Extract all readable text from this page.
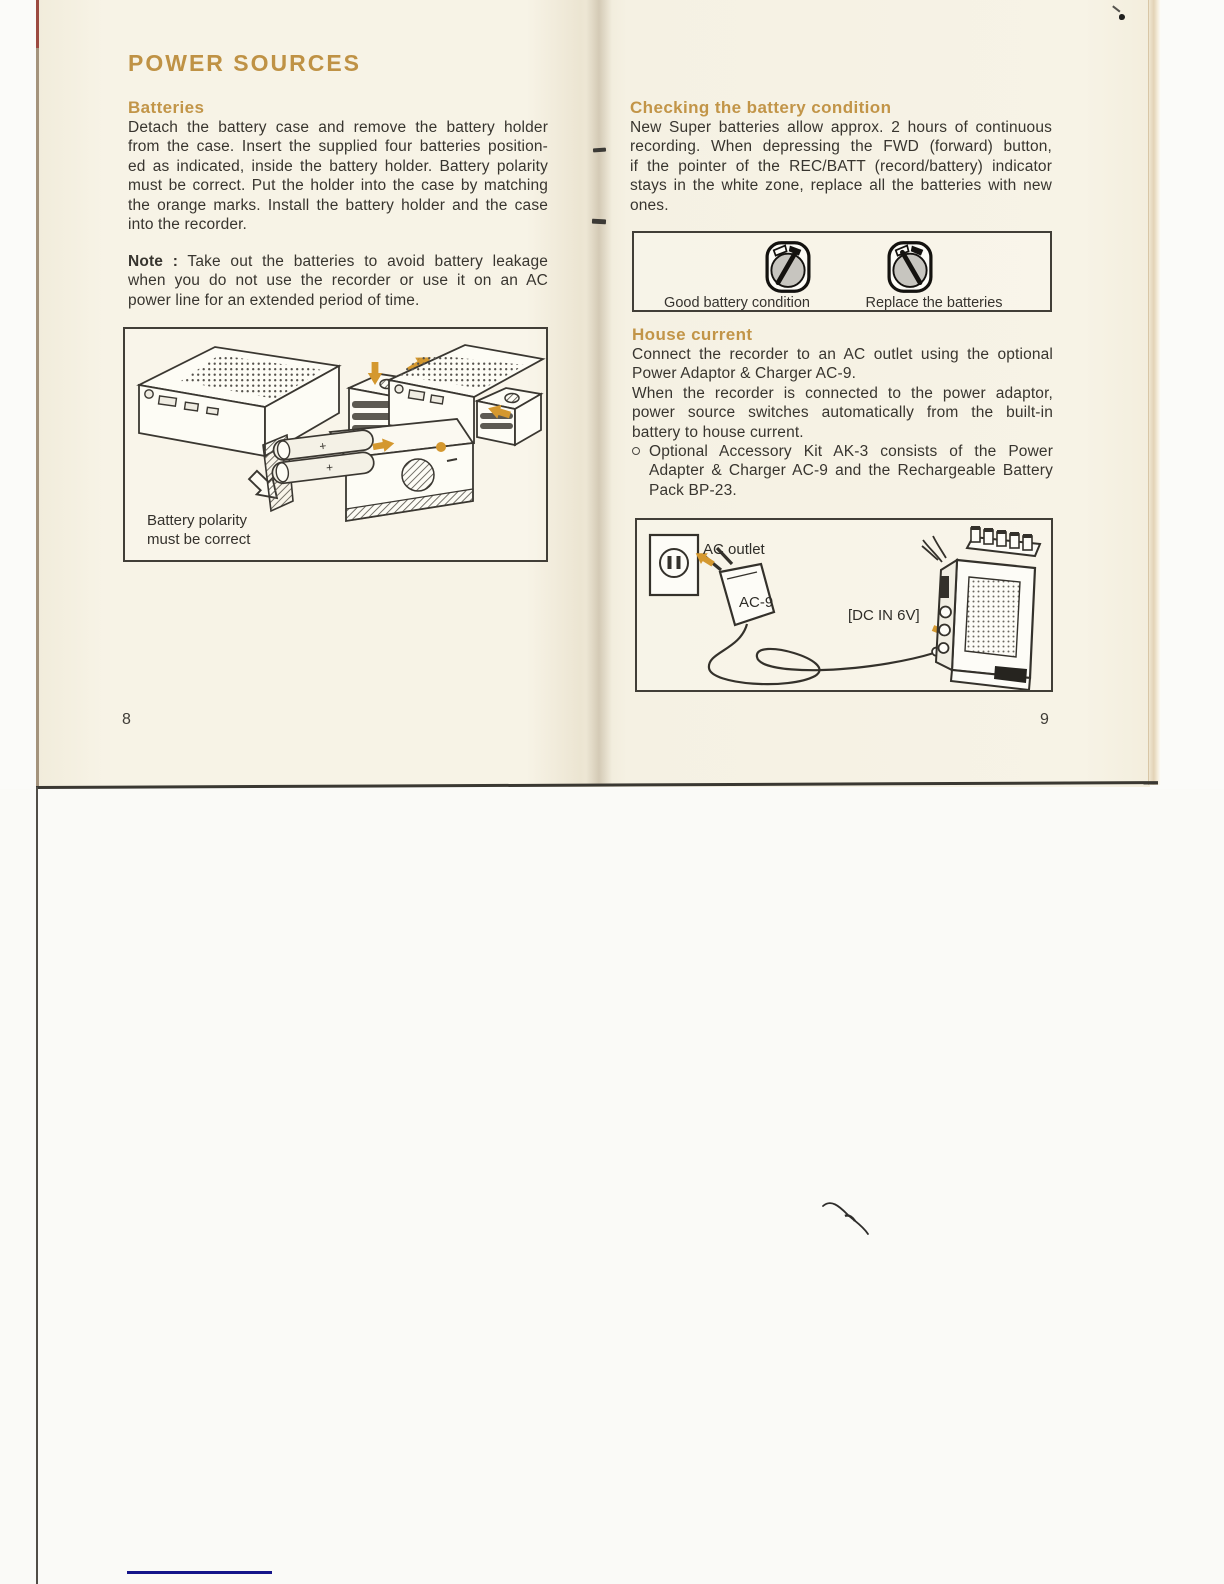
POWER SOURCES
Batteries
Detach the battery case and remove the battery holder
from the case. Insert the supplied four batteries position-
ed as indicated, inside the battery holder. Battery polarity
must be correct. Put the holder into the case by matching
the orange marks. Install the battery holder and the case
into the recorder.
Note : Take out the batteries to avoid battery leakage
when you do not use the recorder or use it on an AC
power line for an extended period of time.
+
+
Battery polarity
must be correct
8
Checking the battery condition
New Super batteries allow approx. 2 hours of continuous
recording. When depressing the FWD (forward) button,
if the pointer of the REC/BATT (record/battery) indicator
stays in the white zone, replace all the batteries with new
ones.
Good battery condition	Replace the batteries
House current
Connect the recorder to an AC outlet using the optional
Power Adaptor & Charger AC-9.
When the recorder is connected to the power adaptor,
power source switches automatically from the built-in
battery to house current.
Optional Accessory Kit AK-3 consists of the Power
Adapter & Charger AC-9 and the Rechargeable Battery
Pack BP-23.
AC outlet
AC-9
[DC IN 6V]
9
